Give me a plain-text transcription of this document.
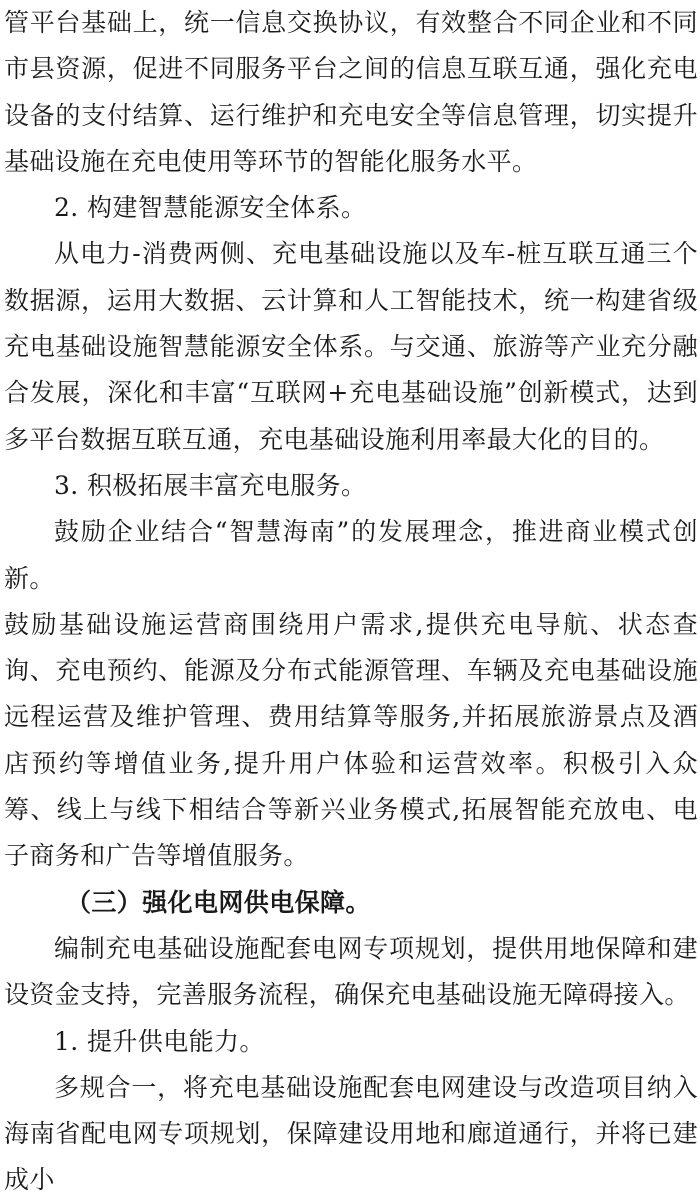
管平台基础上，统一信息交换协议，有效整合不同企业和不同市县资源，促进不同服务平台之间的信息互联互通，强化充电设备的支付结算、运行维护和充电安全等信息管理，切实提升基础设施在充电使用等环节的智能化服务水平。
2. 构建智慧能源安全体系。
从电力-消费两侧、充电基础设施以及车-桩互联互通三个数据源，运用大数据、云计算和人工智能技术，统一构建省级充电基础设施智慧能源安全体系。与交通、旅游等产业充分融合发展，深化和丰富“互联网+充电基础设施”创新模式，达到多平台数据互联互通，充电基础设施利用率最大化的目的。
3. 积极拓展丰富充电服务。
鼓励企业结合“智慧海南”的发展理念，推进商业模式创新。
鼓励基础设施运营商围绕用户需求,提供充电导航、状态查询、充电预约、能源及分布式能源管理、车辆及充电基础设施远程运营及维护管理、费用结算等服务,并拓展旅游景点及酒店预约等增值业务,提升用户体验和运营效率。积极引入众筹、线上与线下相结合等新兴业务模式,拓展智能充放电、电子商务和广告等增值服务。
（三）强化电网供电保障。
编制充电基础设施配套电网专项规划，提供用地保障和建设资金支持，完善服务流程，确保充电基础设施无障碍接入。
1. 提升供电能力。
多规合一，将充电基础设施配套电网建设与改造项目纳入海南省配电网专项规划，保障建设用地和廊道通行，并将已建成小
